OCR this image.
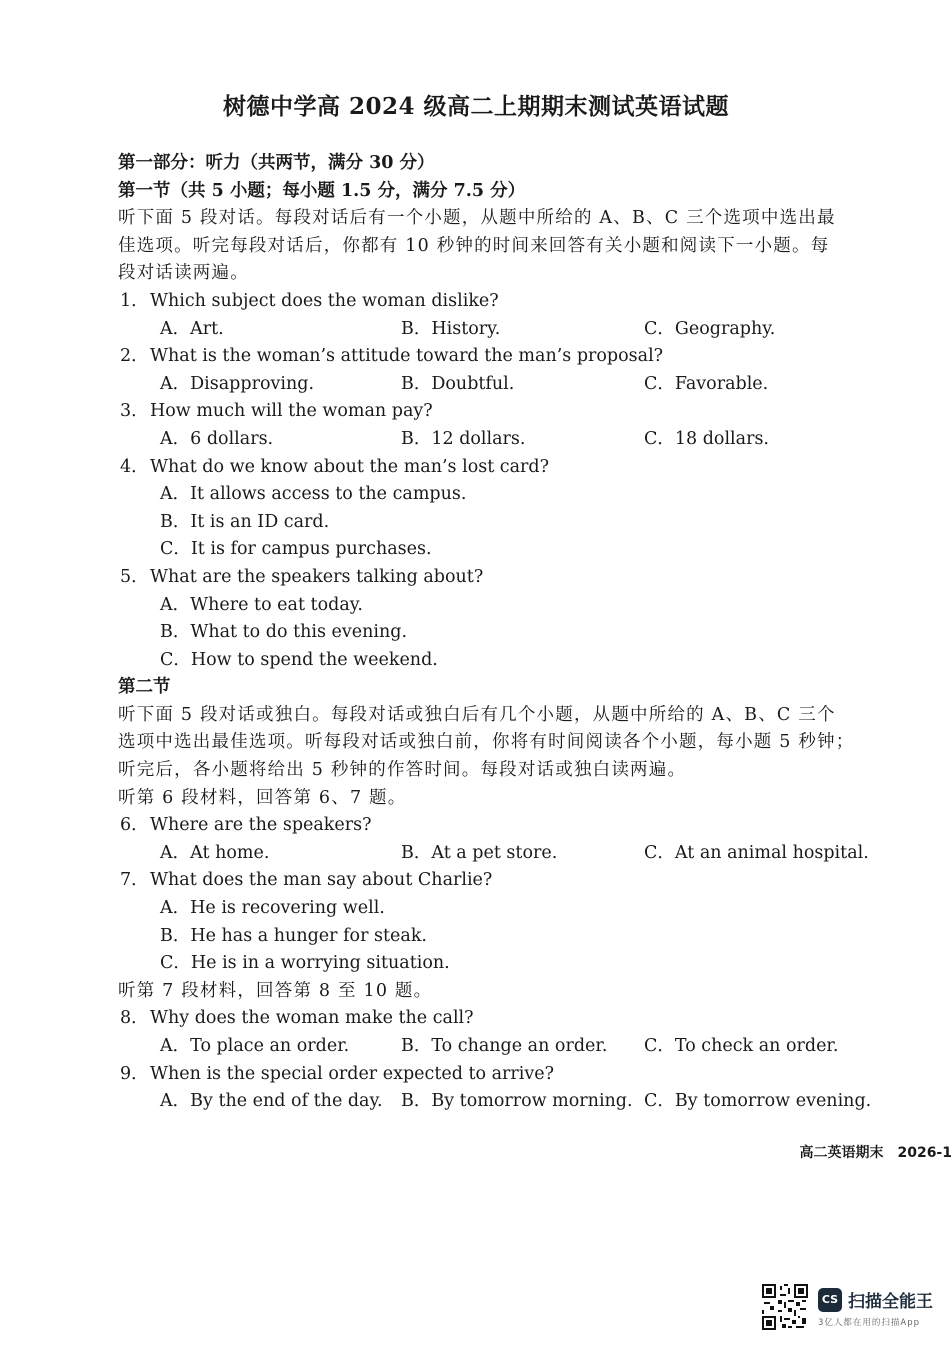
树德中学高 2024 级高二上期期末测试英语试题
第一部分：听力（共两节，满分 30 分）
第一节（共 5 小题；每小题 1.5 分，满分 7.5 分）
听下面 5 段对话。每段对话后有一个小题，从题中所给的 A、B、C 三个选项中选出最
佳选项。听完每段对话后，你都有 10 秒钟的时间来回答有关小题和阅读下一小题。每
段对话读两遍。
1．Which subject does the woman dislike?
A．Art.	B．History.	C．Geography.
2．What is the woman’s attitude toward the man’s proposal?
A．Disapproving.	B．Doubtful.	C．Favorable.
3．How much will the woman pay?
A．6 dollars.	B．12 dollars.	C．18 dollars.
4．What do we know about the man’s lost card?
A．It allows access to the campus.
B．It is an ID card.
C．It is for campus purchases.
5．What are the speakers talking about?
A．Where to eat today.
B．What to do this evening.
C．How to spend the weekend.
第二节
听下面 5 段对话或独白。每段对话或独白后有几个小题，从题中所给的 A、B、C 三个
选项中选出最佳选项。听每段对话或独白前，你将有时间阅读各个小题，每小题 5 秒钟；
听完后，各小题将给出 5 秒钟的作答时间。每段对话或独白读两遍。
听第 6 段材料，回答第 6、7 题。
6．Where are the speakers?
A．At home.	B．At a pet store.	C．At an animal hospital.
7．What does the man say about Charlie?
A．He is recovering well.
B．He has a hunger for steak.
C．He is in a worrying situation.
听第 7 段材料，回答第 8 至 10 题。
8．Why does the woman make the call?
A．To place an order.	B．To change an order.	C．To check an order.
9．When is the special order expected to arrive?
A．By the end of the day.	B．By tomorrow morning. C．By tomorrow evening.
高二英语期末 2026-1
CS 扫描全能王
3亿人都在用的扫描App
